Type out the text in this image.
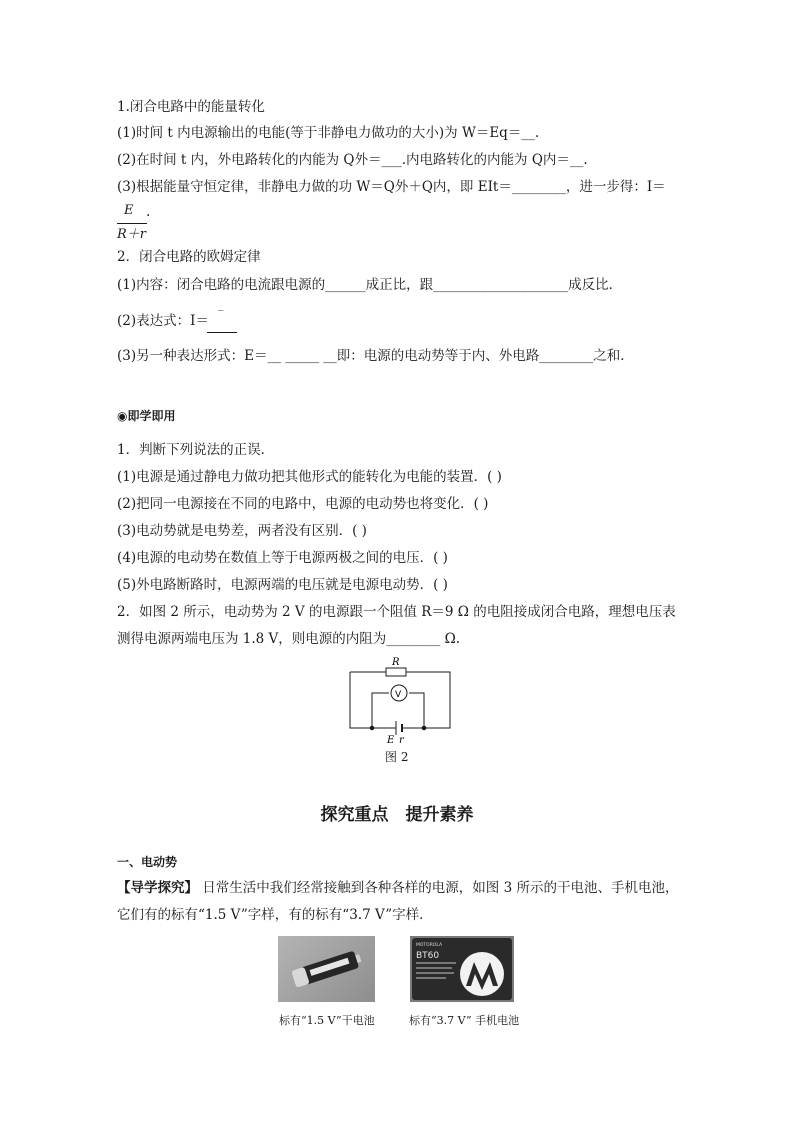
1.闭合电路中的能量转化
(1)时间 t 内电源输出的电能(等于非静电力做功的大小)为 W＝Eq＝__.
(2)在时间 t 内，外电路转化的内能为 Q外＝___.内电路转化的内能为 Q内＝__.
(3)根据能量守恒定律，非静电力做的功 W＝Q外＋Q内，即 EIt＝________，进一步得：I＝
E
R＋r
.
2．闭合电路的欧姆定律
(1)内容：闭合电路的电流跟电源的______成正比，跟____________________成反比．
(2)表达式：I＝ ‾
(3)另一种表达形式：E＝__ _____ __即：电源的电动势等于内、外电路________之和．
◉即学即用
1．判断下列说法的正误．
(1)电源是通过静电力做功把其他形式的能转化为电能的装置．( )
(2)把同一电源接在不同的电路中，电源的电动势也将变化．( )
(3)电动势就是电势差，两者没有区别．( )
(4)电源的电动势在数值上等于电源两极之间的电压．( )
(5)外电路断路时，电源两端的电压就是电源电动势．( )
2．如图 2 所示，电动势为 2 V 的电源跟一个阻值 R＝9 Ω 的电阻接成闭合电路，理想电压表
测得电源两端电压为 1.8 V，则电源的内阻为________ Ω.
R
V
E r
图 2
探究重点　提升素养
一、电动势
【导学探究】 日常生活中我们经常接触到各种各样的电源，如图 3 所示的干电池、手机电池，
它们有的标有“1.5 V”字样，有的标有“3.7 V”字样．
MOTOROLA
BT60
标有“1.5 V”干电池	标有“3.7 V” 手机电池
